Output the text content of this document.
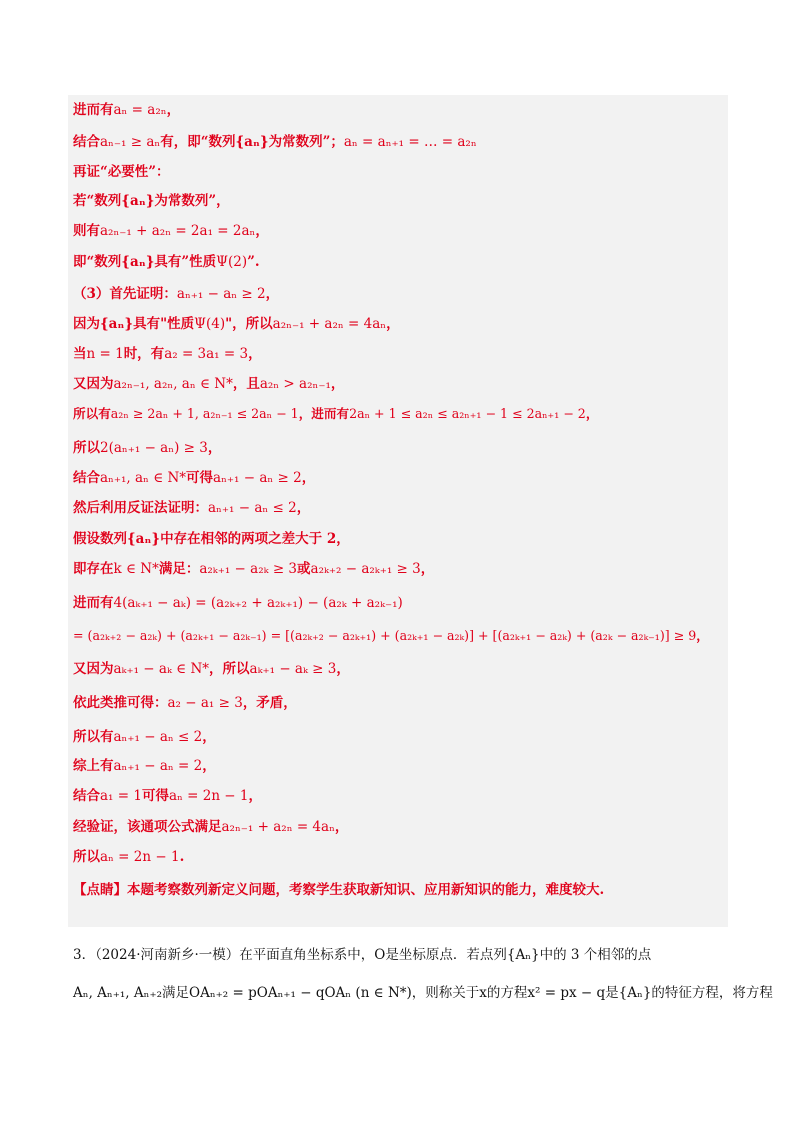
进而有aₙ = a₂ₙ，
结合aₙ₋₁ ≥ aₙ有，即“数列{aₙ}为常数列”；aₙ = aₙ₊₁ = … = a₂ₙ
再证“必要性”：
若“数列{aₙ}为常数列”，
则有a₂ₙ₋₁ + a₂ₙ = 2a₁ = 2aₙ，
即“数列{aₙ}具有”性质Ψ(2)”.
（3）首先证明：aₙ₊₁ − aₙ ≥ 2，
因为{aₙ}具有"性质Ψ(4)"，所以a₂ₙ₋₁ + a₂ₙ = 4aₙ，
当n = 1时，有a₂ = 3a₁ = 3，
又因为a₂ₙ₋₁, a₂ₙ, aₙ ∈ N*，且a₂ₙ > a₂ₙ₋₁，
所以有a₂ₙ ≥ 2aₙ + 1, a₂ₙ₋₁ ≤ 2aₙ − 1，进而有2aₙ + 1 ≤ a₂ₙ ≤ a₂ₙ₊₁ − 1 ≤ 2aₙ₊₁ − 2，
所以2(aₙ₊₁ − aₙ) ≥ 3，
结合aₙ₊₁, aₙ ∈ N*可得aₙ₊₁ − aₙ ≥ 2，
然后利用反证法证明：aₙ₊₁ − aₙ ≤ 2，
假设数列{aₙ}中存在相邻的两项之差大于 2，
即存在k ∈ N*满足：a₂ₖ₊₁ − a₂ₖ ≥ 3或a₂ₖ₊₂ − a₂ₖ₊₁ ≥ 3，
进而有4(aₖ₊₁ − aₖ) = (a₂ₖ₊₂ + a₂ₖ₊₁) − (a₂ₖ + a₂ₖ₋₁)
= (a₂ₖ₊₂ − a₂ₖ) + (a₂ₖ₊₁ − a₂ₖ₋₁) = [(a₂ₖ₊₂ − a₂ₖ₊₁) + (a₂ₖ₊₁ − a₂ₖ)] + [(a₂ₖ₊₁ − a₂ₖ) + (a₂ₖ − a₂ₖ₋₁)] ≥ 9，
又因为aₖ₊₁ − aₖ ∈ N*，所以aₖ₊₁ − aₖ ≥ 3，
依此类推可得：a₂ − a₁ ≥ 3，矛盾，
所以有aₙ₊₁ − aₙ ≤ 2，
综上有aₙ₊₁ − aₙ = 2，
结合a₁ = 1可得aₙ = 2n − 1，
经验证，该通项公式满足a₂ₙ₋₁ + a₂ₙ = 4aₙ，
所以aₙ = 2n − 1.
【点睛】本题考察数列新定义问题，考察学生获取新知识、应用新知识的能力，难度较大.
3．（2024·河南新乡·一模）在平面直角坐标系中，O是坐标原点．若点列{Aₙ}中的 3 个相邻的点
Aₙ, Aₙ₊₁, Aₙ₊₂满足OAₙ₊₂ = pOAₙ₊₁ − qOAₙ (n ∈ N*)，则称关于x的方程x² = px − q是{Aₙ}的特征方程，将方程
